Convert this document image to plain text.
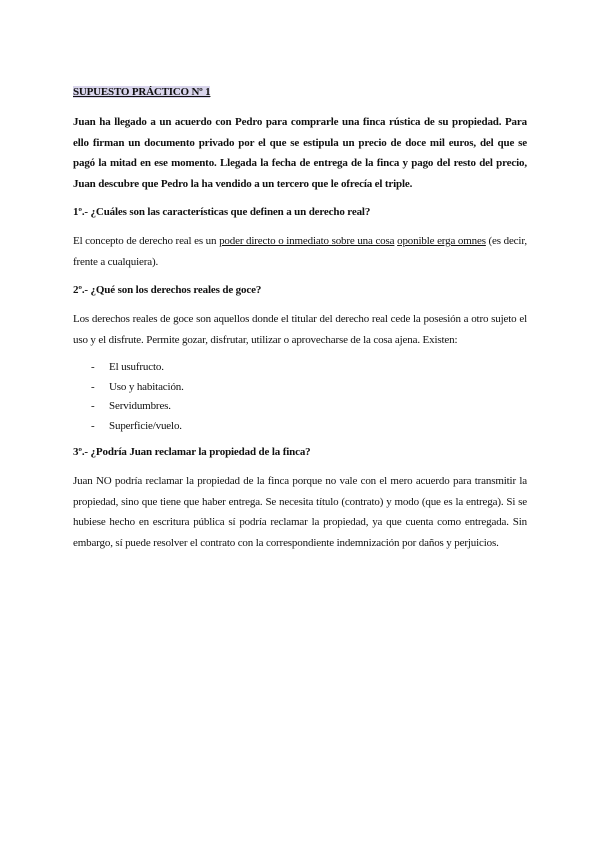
SUPUESTO PRÁCTICO Nº 1

Juan ha llegado a un acuerdo con Pedro para comprarle una finca rústica de su propiedad. Para ello firman un documento privado por el que se estipula un precio de doce mil euros, del que se pagó la mitad en ese momento. Llegada la fecha de entrega de la finca y pago del resto del precio, Juan descubre que Pedro la ha vendido a un tercero que le ofrecía el triple.

1º.- ¿Cuáles son las características que definen a un derecho real?

El concepto de derecho real es un poder directo o inmediato sobre una cosa oponible erga omnes (es decir, frente a cualquiera).

2º.- ¿Qué son los derechos reales de goce?

Los derechos reales de goce son aquellos donde el titular del derecho real cede la posesión a otro sujeto el uso y el disfrute. Permite gozar, disfrutar, utilizar o aprovecharse de la cosa ajena. Existen:

- El usufructo.
- Uso y habitación.
- Servidumbres.
- Superficie/vuelo.

3º.- ¿Podría Juan reclamar la propiedad de la finca?

Juan NO podría reclamar la propiedad de la finca porque no vale con el mero acuerdo para transmitir la propiedad, sino que tiene que haber entrega. Se necesita título (contrato) y modo (que es la entrega). Si se hubiese hecho en escritura pública sí podría reclamar la propiedad, ya que cuenta como entregada. Sin embargo, sí puede resolver el contrato con la correspondiente indemnización por daños y perjuicios.
